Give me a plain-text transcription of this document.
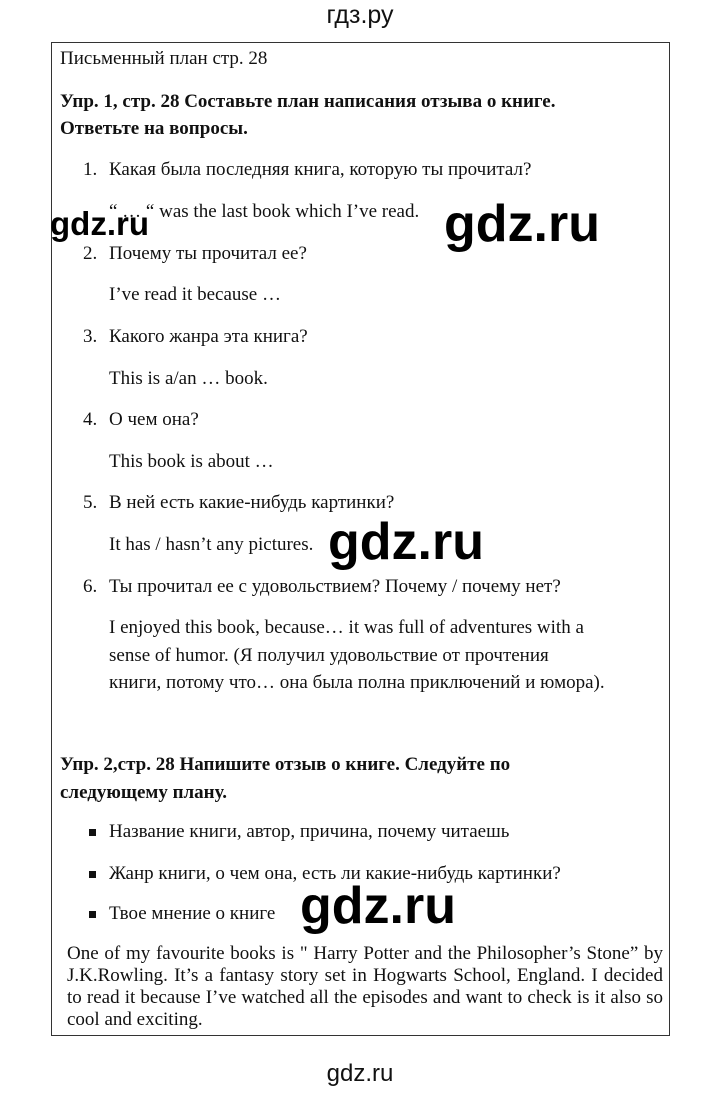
гдз.ру
Письменный план стр. 28
Упр. 1, стр. 28 Составьте план написания отзыва о книге.
Ответьте на вопросы.
1. Какая была последняя книга, которую ты прочитал?
“ … “ was the last book which I’ve read.
2. Почему ты прочитал ее?
I’ve read it because …
3. Какого жанра эта книга?
This is a/an … book.
4. О чем она?
This book is about …
5. В ней есть какие-нибудь картинки?
It has / hasn’t any pictures.
6. Ты прочитал ее с удовольствием? Почему / почему нет?
I enjoyed this book, because… it was full of adventures with a
sense of humor. (Я получил удовольствие от прочтения
книги, потому что… она была полна приключений и юмора).
Упр. 2,стр. 28 Напишите отзыв о книге. Следуйте по
следующему плану.
Название книги, автор, причина, почему читаешь
Жанр книги, о чем она, есть ли какие-нибудь картинки?
Твое мнение о книге
One of my favourite books is " Harry Potter and the Philosopher’s Stone” by J.K.Rowling. It’s a fantasy story set in Hogwarts School, England. I decided to read it because I’ve watched all the episodes and want to check is it also so cool and exciting.
gdz.ru	gdz.ru
gdz.ru
gdz.ru
gdz.ru
